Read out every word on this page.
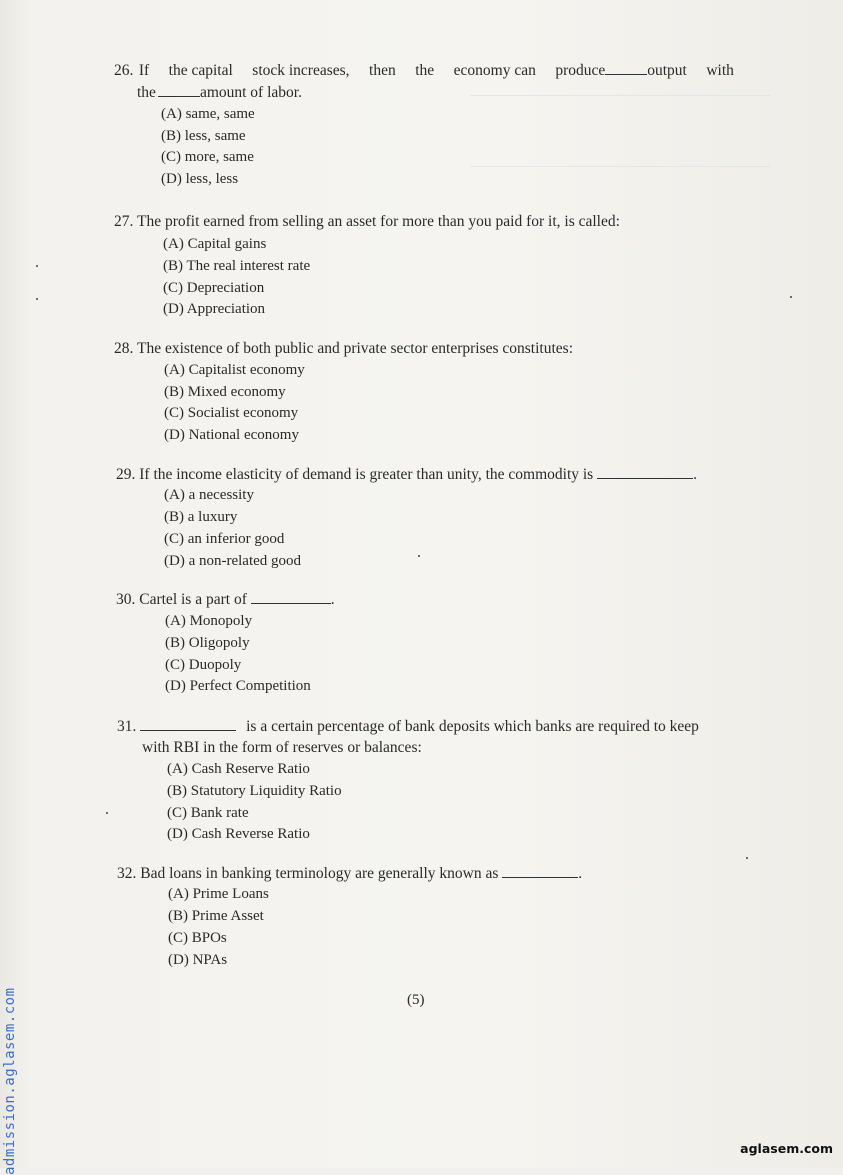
26. If the capital stock increases, then the economy can produce	output with
the	amount of labor.
(A) same, same
(B) less, same
(C) more, same
(D) less, less
27. The profit earned from selling an asset for more than you paid for it, is called:
(A) Capital gains
(B) The real interest rate
(C) Depreciation
(D) Appreciation
28. The existence of both public and private sector enterprises constitutes:
(A) Capitalist economy
(B) Mixed economy
(C) Socialist economy
(D) National economy
29. If the income elasticity of demand is greater than unity, the commodity is	.
(A) a necessity
(B) a luxury
(C) an inferior good
(D) a non-related good
30. Cartel is a part of	.
(A) Monopoly
(B) Oligopoly
(C) Duopoly
(D) Perfect Competition
31.	is a certain percentage of bank deposits which banks are required to keep
with RBI in the form of reserves or balances:
(A) Cash Reserve Ratio
(B) Statutory Liquidity Ratio
(C) Bank rate
(D) Cash Reverse Ratio
32. Bad loans in banking terminology are generally known as	.
(A) Prime Loans
(B) Prime Asset
(C) BPOs
(D) NPAs
(5)
admission.aglasem.com	aglasem.com
